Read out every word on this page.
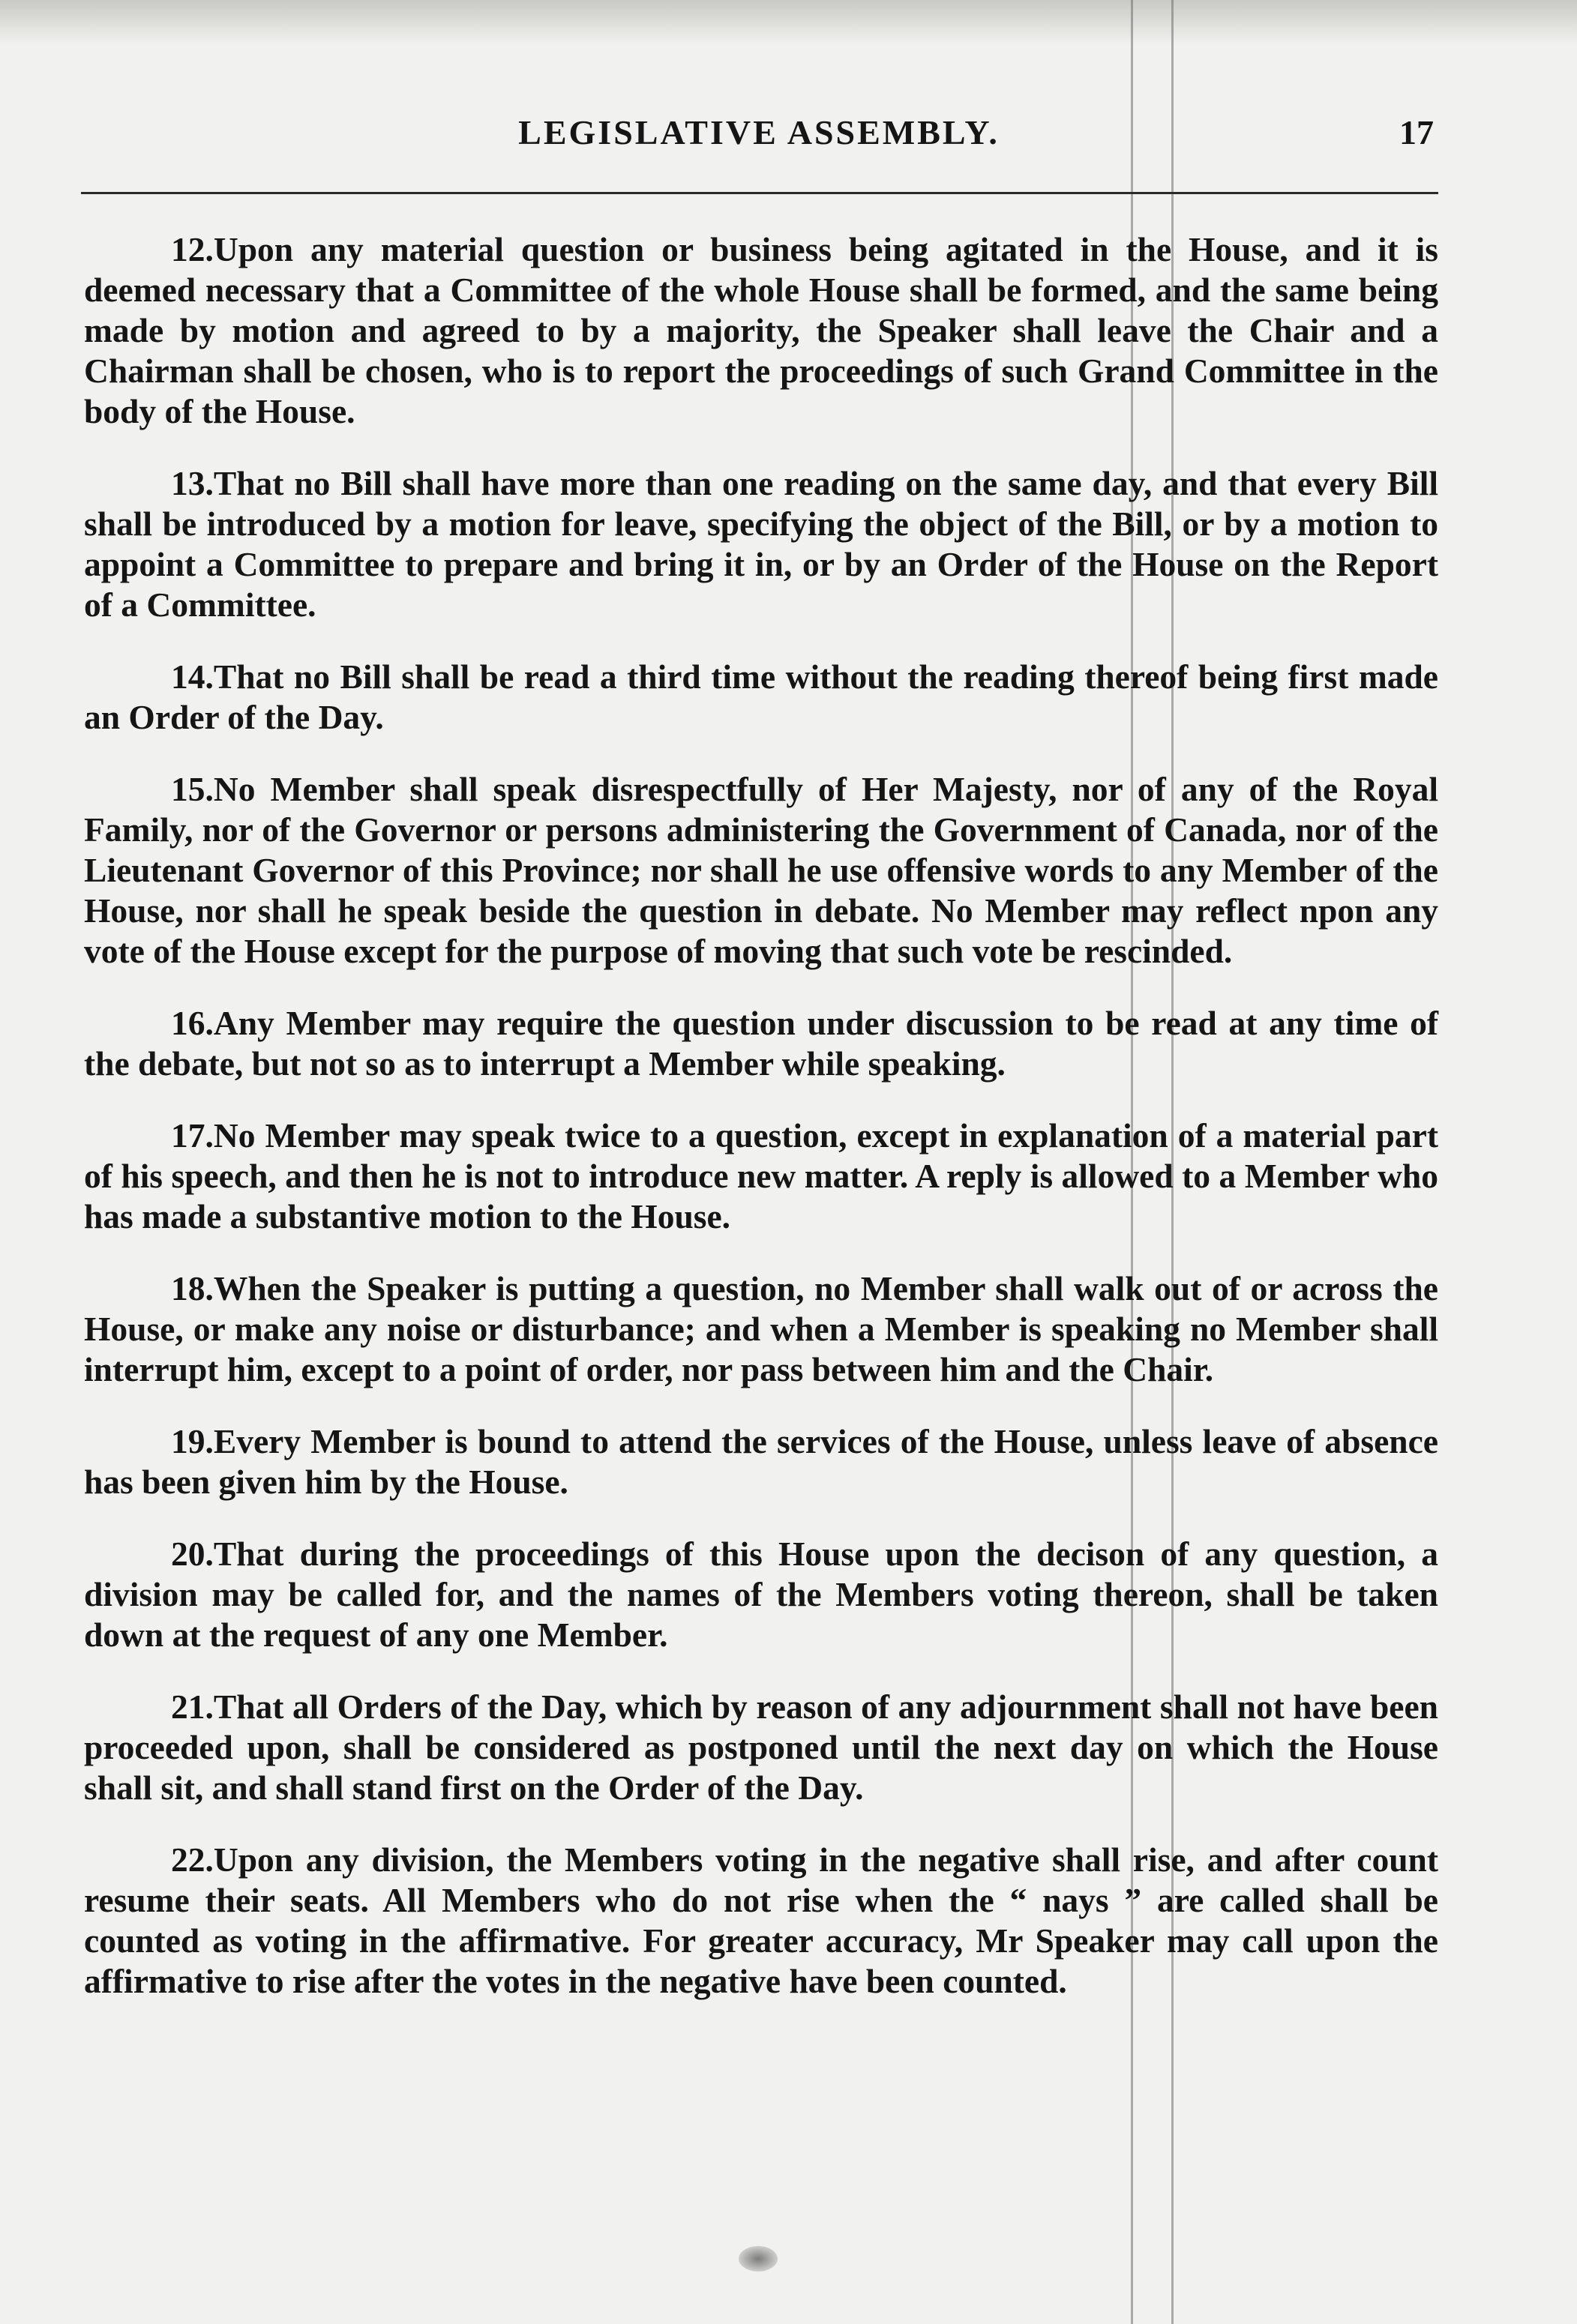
LEGISLATIVE ASSEMBLY.	17

12.Upon any material question or business being agitated in the House, and it is deemed necessary that a Committee of the whole House shall be formed, and the same being made by motion and agreed to by a majority, the Speaker shall leave the Chair and a Chairman shall be chosen, who is to report the proceedings of such Grand Committee in the body of the House.

13.That no Bill shall have more than one reading on the same day, and that every Bill shall be introduced by a motion for leave, specifying the object of the Bill, or by a motion to appoint a Committee to prepare and bring it in, or by an Order of the House on the Report of a Committee.

14.That no Bill shall be read a third time without the reading thereof being first made an Order of the Day.

15.No Member shall speak disrespectfully of Her Majesty, nor of any of the Royal Family, nor of the Governor or persons administering the Government of Canada, nor of the Lieutenant Governor of this Province; nor shall he use offensive words to any Member of the House, nor shall he speak beside the question in debate. No Member may reflect npon any vote of the House except for the purpose of moving that such vote be rescinded.

16.Any Member may require the question under discussion to be read at any time of the debate, but not so as to interrupt a Member while speaking.

17.No Member may speak twice to a question, except in explanation of a material part of his speech, and then he is not to introduce new matter. A reply is allowed to a Member who has made a substantive motion to the House.

18.When the Speaker is putting a question, no Member shall walk out of or across the House, or make any noise or disturbance; and when a Member is speaking no Member shall interrupt him, except to a point of order, nor pass between him and the Chair.

19.Every Member is bound to attend the services of the House, unless leave of absence has been given him by the House.

20.That during the proceedings of this House upon the decison of any question, a division may be called for, and the names of the Members voting thereon, shall be taken down at the request of any one Member.

21.That all Orders of the Day, which by reason of any adjournment shall not have been proceeded upon, shall be considered as postponed until the next day on which the House shall sit, and shall stand first on the Order of the Day.

22.Upon any division, the Members voting in the negative shall rise, and after count resume their seats. All Members who do not rise when the “ nays ” are called shall be counted as voting in the affirmative. For greater accuracy, Mr Speaker may call upon the affirmative to rise after the votes in the negative have been counted.
